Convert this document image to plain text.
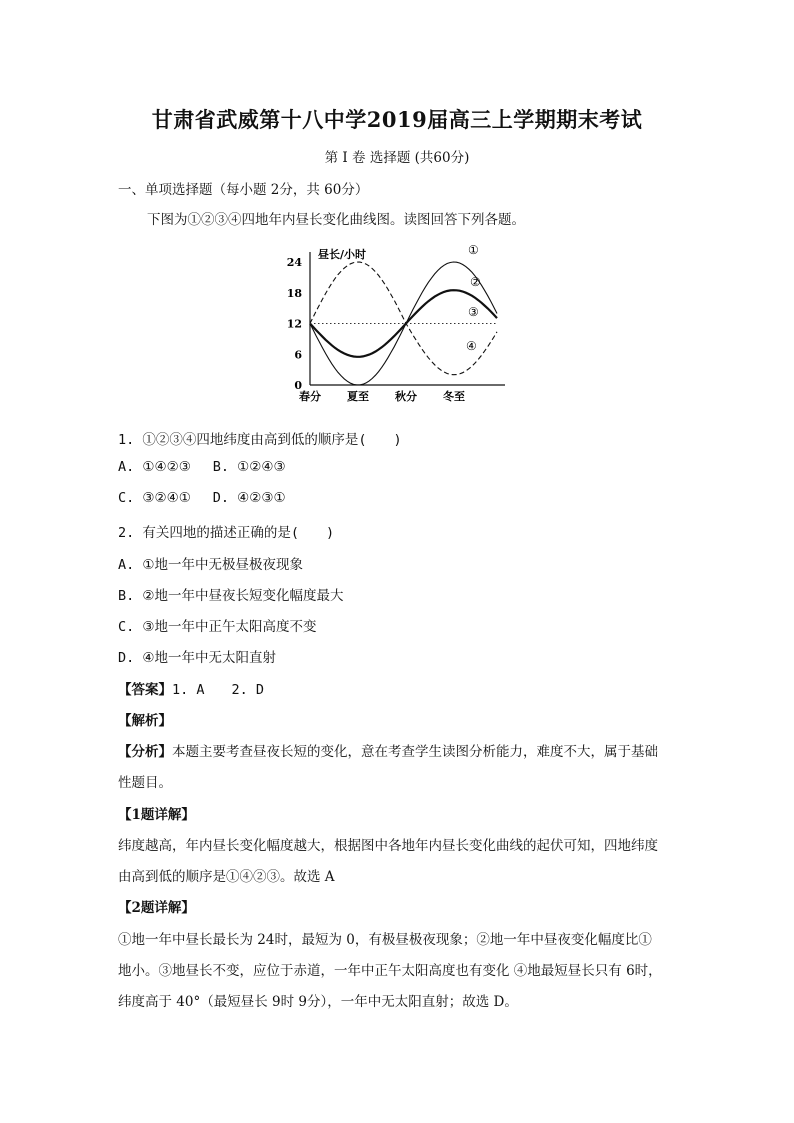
甘肃省武威第十八中学2019届高三上学期期末考试
第 I 卷 选择题 (共60分)
一、单项选择题（每小题 2分，共 60分）
下图为①②③④四地年内昼长变化曲线图。读图回答下列各题。
24
18
12
6
0
春分 夏至 秋分 冬至
①
②
③
④
昼长/小时
1. ①②③④四地纬度由高到低的顺序是(　　)
A. ①④②③ B. ①②④③
C. ③②④① D. ④②③①
2. 有关四地的描述正确的是(　　)
A. ①地一年中无极昼极夜现象
B. ②地一年中昼夜长短变化幅度最大
C. ③地一年中正午太阳高度不变
D. ④地一年中无太阳直射
【答案】1. A　　2. D
【解析】
【分析】本题主要考查昼夜长短的变化，意在考查学生读图分析能力，难度不大，属于基础
性题目。
【1题详解】
纬度越高，年内昼长变化幅度越大，根据图中各地年内昼长变化曲线的起伏可知，四地纬度
由高到低的顺序是①④②③。故选 A
【2题详解】
①地一年中昼长最长为 24时，最短为 0，有极昼极夜现象；②地一年中昼夜变化幅度比①
地小。③地昼长不变，应位于赤道，一年中正午太阳高度也有变化 ④地最短昼长只有 6时，
纬度高于 40°（最短昼长 9时 9分），一年中无太阳直射；故选 D。
